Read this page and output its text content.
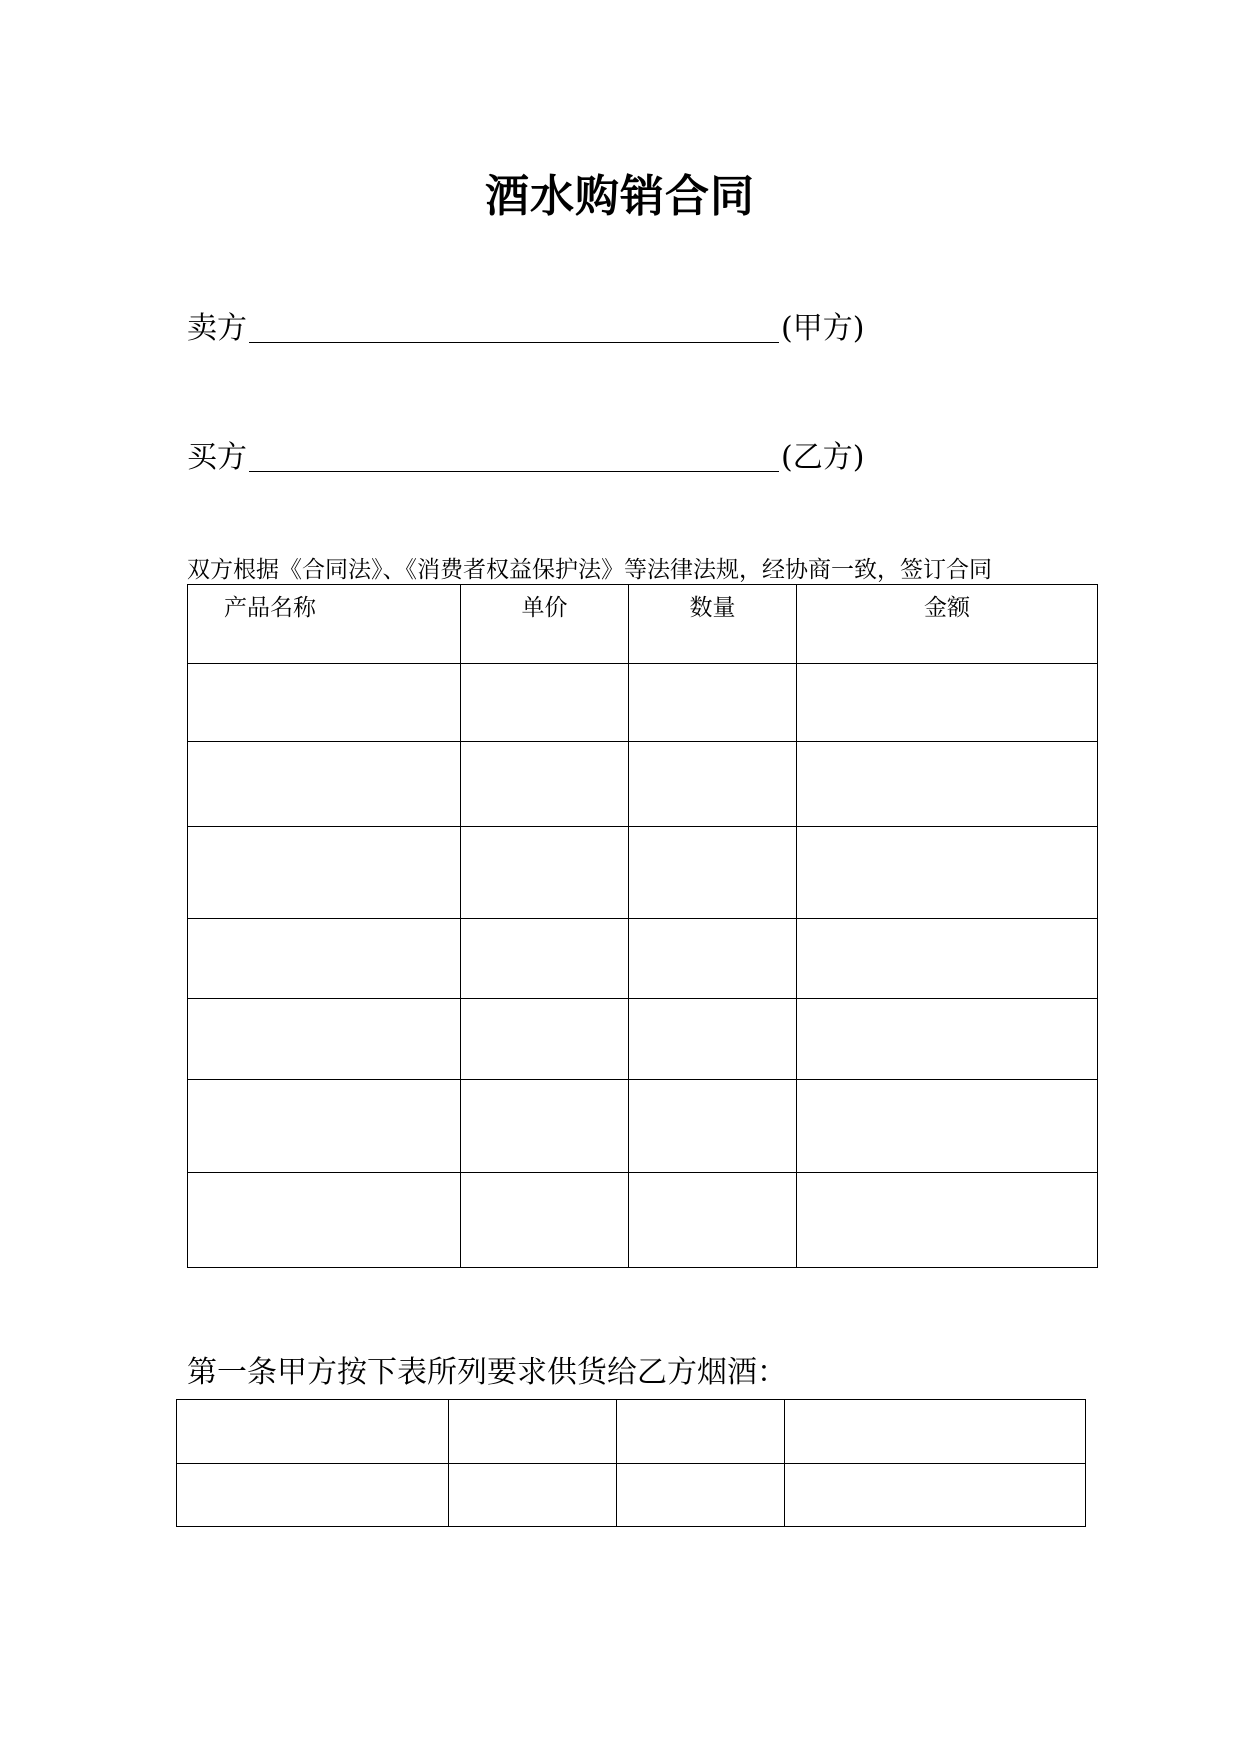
酒水购销合同
卖方	(甲方)
买方	(乙方)
双方根据《合同法》、《消费者权益保护法》等法律法规，经协商一致，签订合同
产品名称	单价	数量	金额

第一条甲方按下表所列要求供货给乙方烟酒：
